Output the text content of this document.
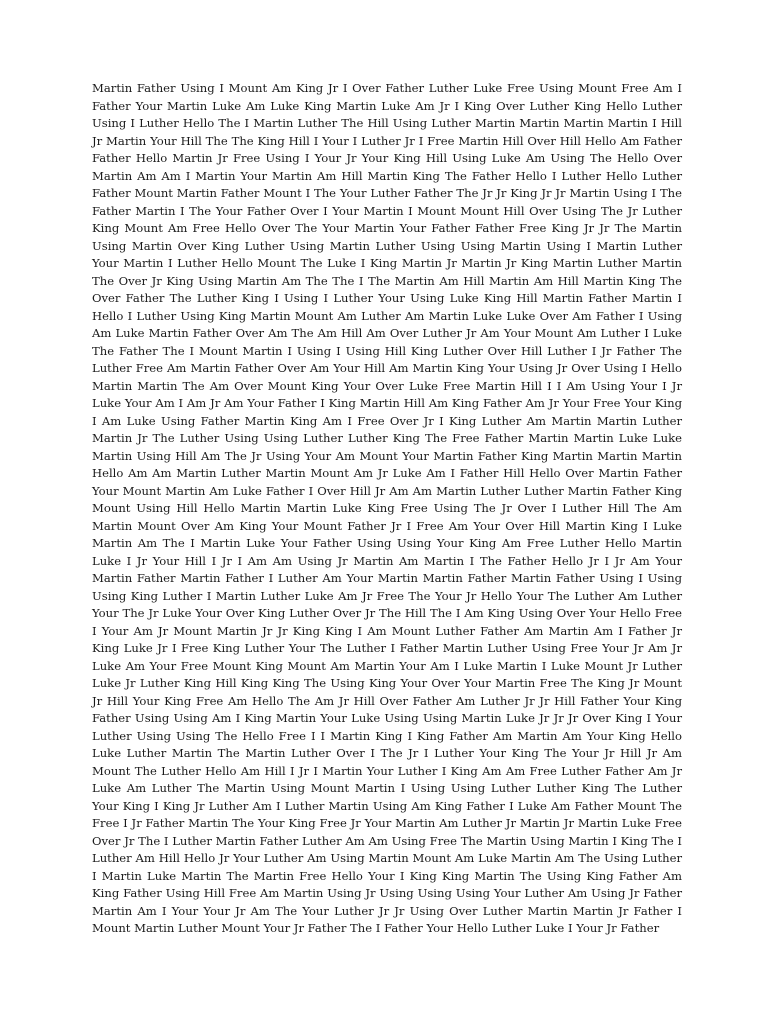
Martin Father Using I Mount Am King Jr I Over Father Luther Luke Free Using Mount Free Am I Father Your Martin Luke Am Luke King Martin Luke Am Jr I King Over Luther King Hello Luther Using I Luther Hello The I Martin Luther The Hill Using Luther Martin Martin Martin Martin I Hill Jr Martin Your Hill The The King Hill I Your I Luther Jr I Free Martin Hill Over Hill Hello Am Father Father Hello Martin Jr Free Using I Your Jr Your King Hill Using Luke Am Using The Hello Over Martin Am Am I Martin Your Martin Am Hill Martin King The Father Hello I Luther Hello Luther Father Mount Martin Father Mount I The Your Luther Father The Jr Jr King Jr Jr Martin Using I The Father Martin I The Your Father Over I Your Martin I Mount Mount Hill Over Using The Jr Luther King Mount Am Free Hello Over The Your Martin Your Father Father Free King Jr Jr The Martin Using Martin Over King Luther Using Martin Luther Using Using Martin Using I Martin Luther Your Martin I Luther Hello Mount The Luke I King Martin Jr Martin Jr King Martin Luther Martin The Over Jr King Using Martin Am The The I The Martin Am Hill Martin Am Hill Martin King The Over Father The Luther King I Using I Luther Your Using Luke King Hill Martin Father Martin I Hello I Luther Using King Martin Mount Am Luther Am Martin Luke Luke Over Am Father I Using Am Luke Martin Father Over Am The Am Hill Am Over Luther Jr Am Your Mount Am Luther I Luke The Father The I Mount Martin I Using I Using Hill King Luther Over Hill Luther I Jr Father The Luther Free Am Martin Father Over Am Your Hill Am Martin King Your Using Jr Over Using I Hello Martin Martin The Am Over Mount King Your Over Luke Free Martin Hill I I Am Using Your I Jr Luke Your Am I Am Jr Am Your Father I King Martin Hill Am King Father Am Jr Your Free Your King I Am Luke Using Father Martin King Am I Free Over Jr I King Luther Am Martin Martin Luther Martin Jr The Luther Using Using Luther Luther King The Free Father Martin Martin Luke Luke Martin Using Hill Am The Jr Using Your Am Mount Your Martin Father King Martin Martin Martin Hello Am Am Martin Luther Martin Mount Am Jr Luke Am I Father Hill Hello Over Martin Father Your Mount Martin Am Luke Father I Over Hill Jr Am Am Martin Luther Luther Martin Father King Mount Using Hill Hello Martin Martin Luke King Free Using The Jr Over I Luther Hill The Am Martin Mount Over Am King Your Mount Father Jr I Free Am Your Over Hill Martin King I Luke Martin Am The I Martin Luke Your Father Using Using Your King Am Free Luther Hello Martin Luke I Jr Your Hill I Jr I Am Am Using Jr Martin Am Martin I The Father Hello Jr I Jr Am Your Martin Father Martin Father I Luther Am Your Martin Martin Father Martin Father Using I Using Using King Luther I Martin Luther Luke Am Jr Free The Your Jr Hello Your The Luther Am Luther Your The Jr Luke Your Over King Luther Over Jr The Hill The I Am King Using Over Your Hello Free I Your Am Jr Mount Martin Jr Jr King King I Am Mount Luther Father Am Martin Am I Father Jr King Luke Jr I Free King Luther Your The Luther I Father Martin Luther Using Free Your Jr Am Jr Luke Am Your Free Mount King Mount Am Martin Your Am I Luke Martin I Luke Mount Jr Luther Luke Jr Luther King Hill King King The Using King Your Over Your Martin Free The King Jr Mount Jr Hill Your King Free Am Hello The Am Jr Hill Over Father Am Luther Jr Jr Hill Father Your King Father Using Using Am I King Martin Your Luke Using Using Martin Luke Jr Jr Jr Over King I Your Luther Using Using The Hello Free I I Martin King I King Father Am Martin Am Your King Hello Luke Luther Martin The Martin Luther Over I The Jr I Luther Your King The Your Jr Hill Jr Am Mount The Luther Hello Am Hill I Jr I Martin Your Luther I King Am Am Free Luther Father Am Jr Luke Am Luther The Martin Using Mount Martin I Using Using Luther Luther King The Luther Your King I King Jr Luther Am I Luther Martin Using Am King Father I Luke Am Father Mount The Free I Jr Father Martin The Your King Free Jr Your Martin Am Luther Jr Martin Jr Martin Luke Free Over Jr The I Luther Martin Father Luther Am Am Using Free The Martin Using Martin I King The I Luther Am Hill Hello Jr Your Luther Am Using Martin Mount Am Luke Martin Am The Using Luther I Martin Luke Martin The Martin Free Hello Your I King King Martin The Using King Father Am King Father Using Hill Free Am Martin Using Jr Using Using Using Your Luther Am Using Jr Father Martin Am I Your Your Jr Am The Your Luther Jr Jr Using Over Luther Martin Martin Jr Father I Mount Martin Luther Mount Your Jr Father The I Father Your Hello Luther Luke I Your Jr Father
